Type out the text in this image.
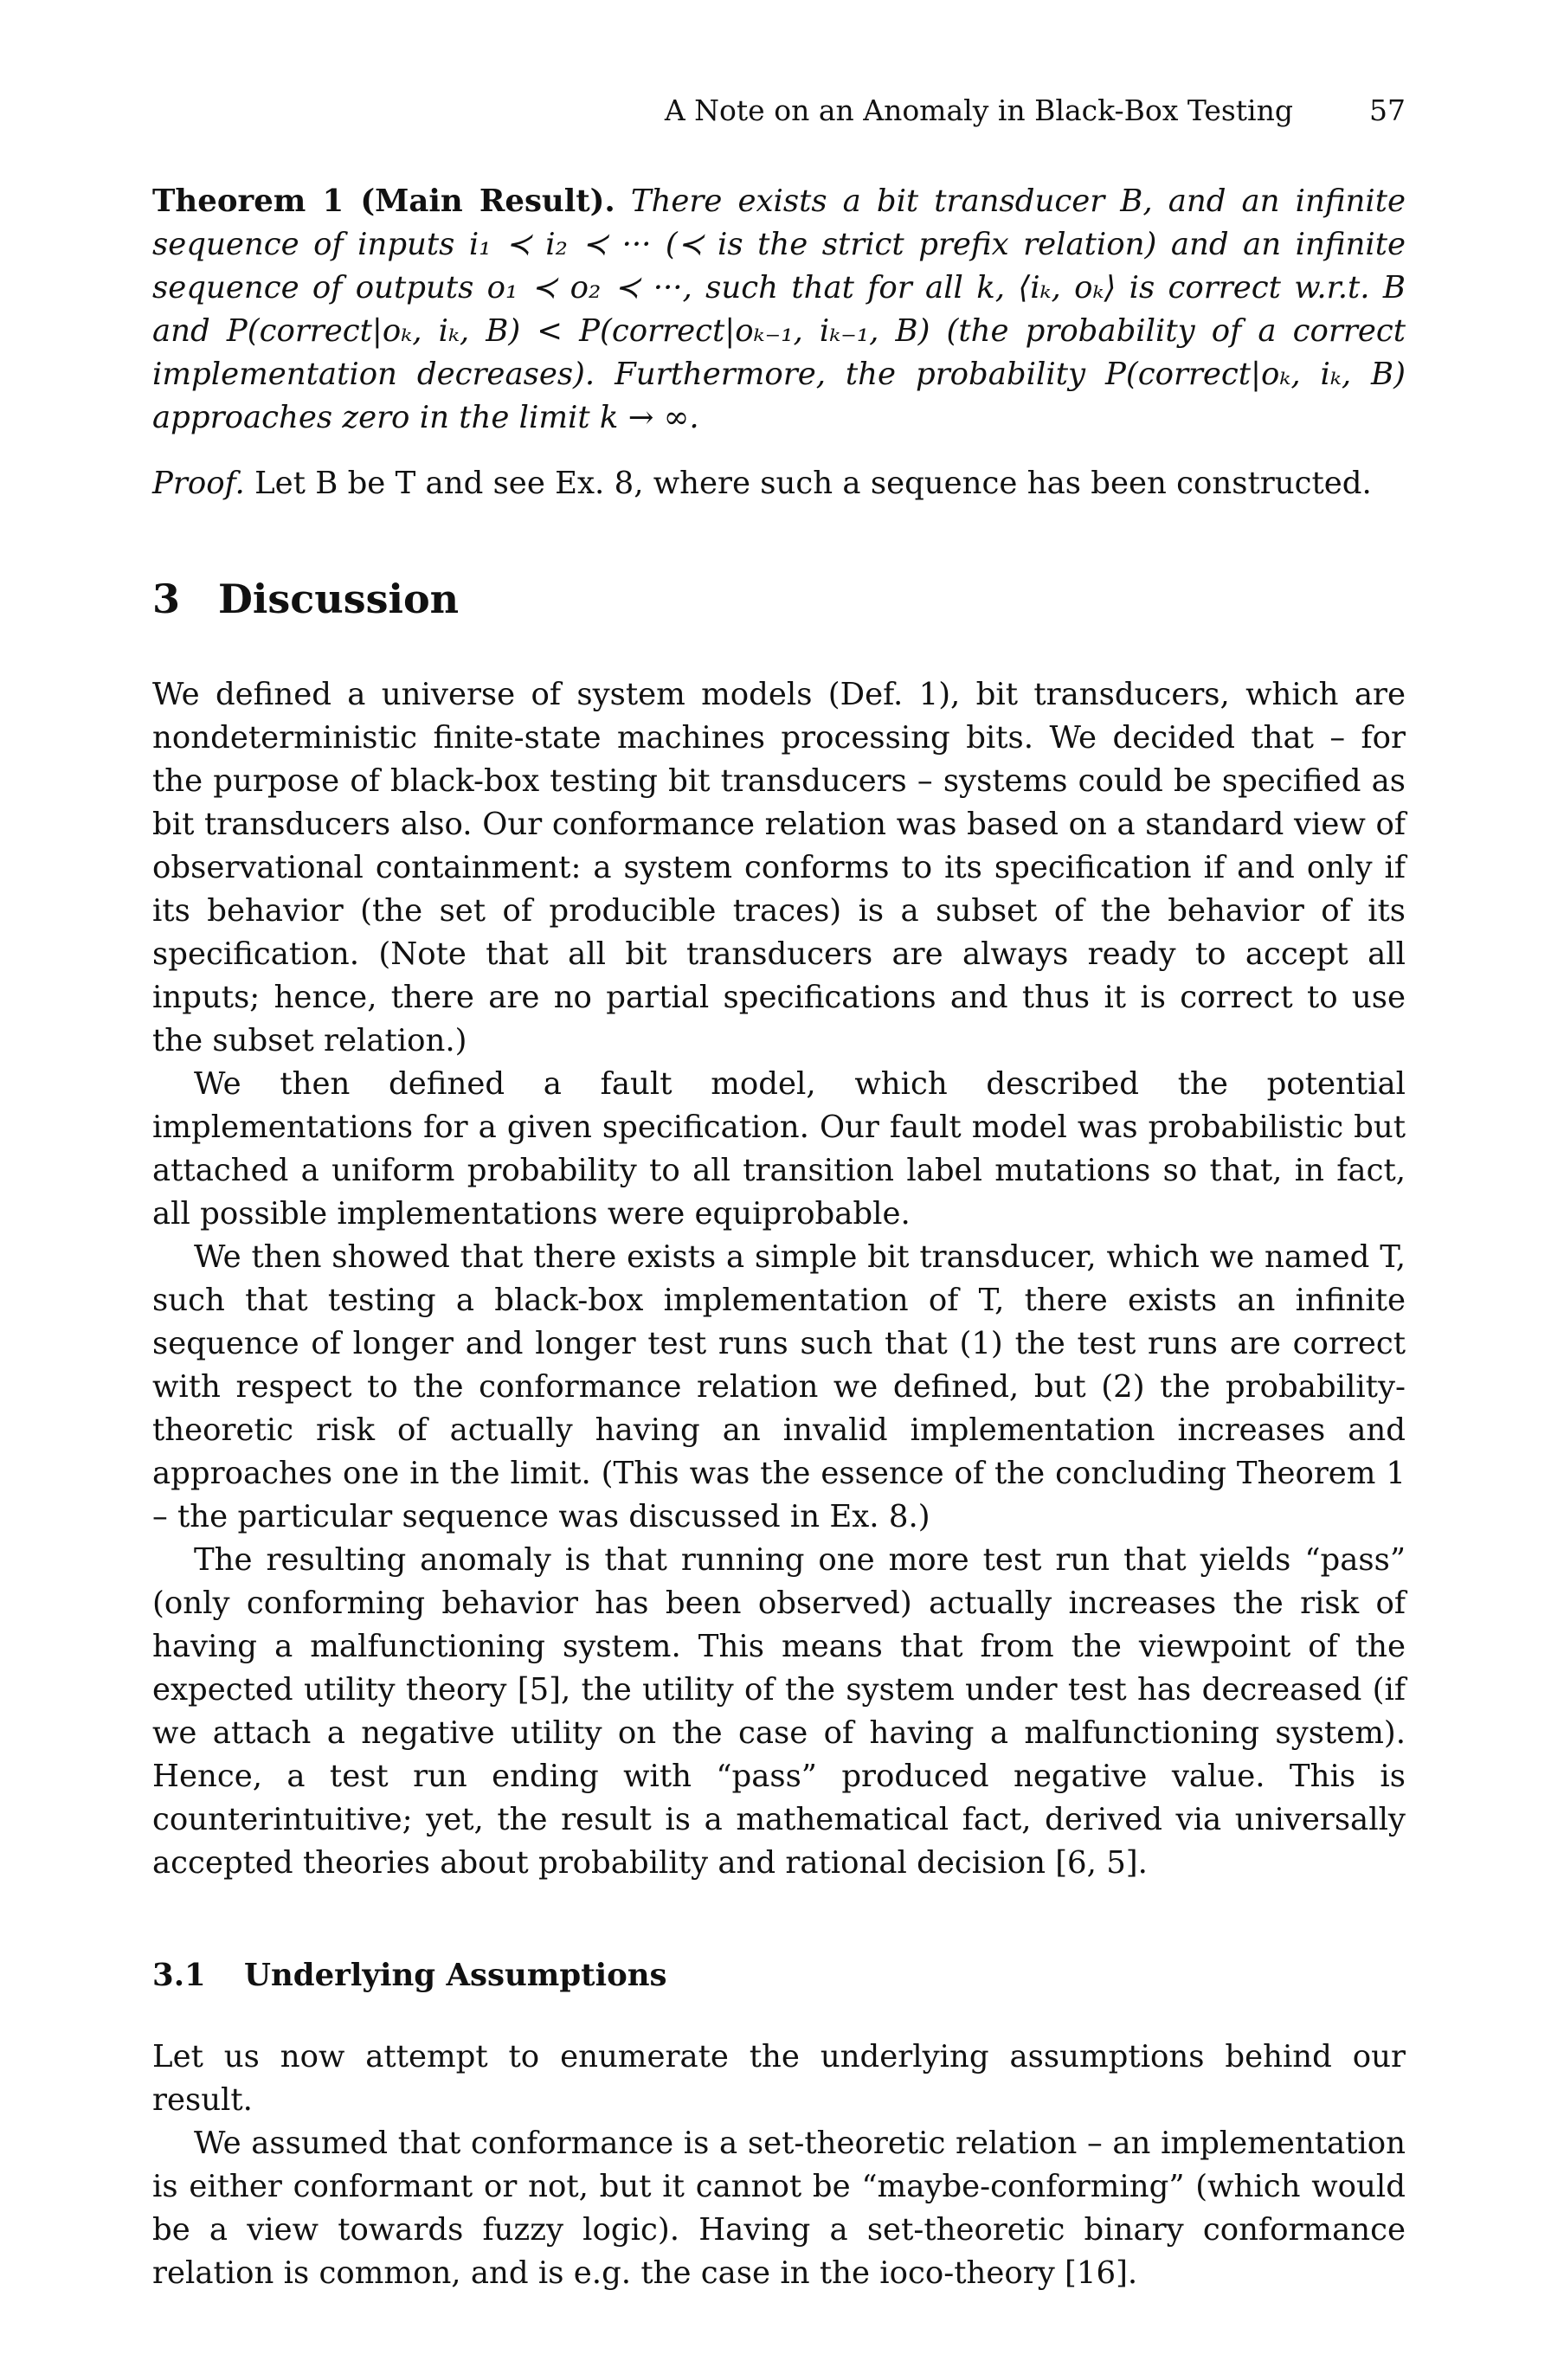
A Note on an Anomaly in Black-Box Testing	57
Theorem 1 (Main Result). There exists a bit transducer B, and an infinite sequence of inputs i₁ ≺ i₂ ≺ ··· (≺ is the strict prefix relation) and an infinite sequence of outputs o₁ ≺ o₂ ≺ ···, such that for all k, ⟨iₖ, oₖ⟩ is correct w.r.t. B and P(correct|oₖ, iₖ, B) < P(correct|oₖ₋₁, iₖ₋₁, B) (the probability of a correct implementation decreases). Furthermore, the probability P(correct|oₖ, iₖ, B) approaches zero in the limit k → ∞.
Proof. Let B be T and see Ex. 8, where such a sequence has been constructed.
3 Discussion

We defined a universe of system models (Def. 1), bit transducers, which are nondeterministic finite-state machines processing bits. We decided that – for the purpose of black-box testing bit transducers – systems could be specified as bit transducers also. Our conformance relation was based on a standard view of observational containment: a system conforms to its specification if and only if its behavior (the set of producible traces) is a subset of the behavior of its specification. (Note that all bit transducers are always ready to accept all inputs; hence, there are no partial specifications and thus it is correct to use the subset relation.)

We then defined a fault model, which described the potential implementations for a given specification. Our fault model was probabilistic but attached a uniform probability to all transition label mutations so that, in fact, all possible implementations were equiprobable.

We then showed that there exists a simple bit transducer, which we named T, such that testing a black-box implementation of T, there exists an infinite sequence of longer and longer test runs such that (1) the test runs are correct with respect to the conformance relation we defined, but (2) the probability-theoretic risk of actually having an invalid implementation increases and approaches one in the limit. (This was the essence of the concluding Theorem 1 – the particular sequence was discussed in Ex. 8.)

The resulting anomaly is that running one more test run that yields “pass” (only conforming behavior has been observed) actually increases the risk of having a malfunctioning system. This means that from the viewpoint of the expected utility theory [5], the utility of the system under test has decreased (if we attach a negative utility on the case of having a malfunctioning system). Hence, a test run ending with “pass” produced negative value. This is counterintuitive; yet, the result is a mathematical fact, derived via universally accepted theories about probability and rational decision [6, 5].

3.1 Underlying Assumptions

Let us now attempt to enumerate the underlying assumptions behind our result.

We assumed that conformance is a set-theoretic relation – an implementation is either conformant or not, but it cannot be “maybe-conforming” (which would be a view towards fuzzy logic). Having a set-theoretic binary conformance relation is common, and is e.g. the case in the ioco-theory [16].
